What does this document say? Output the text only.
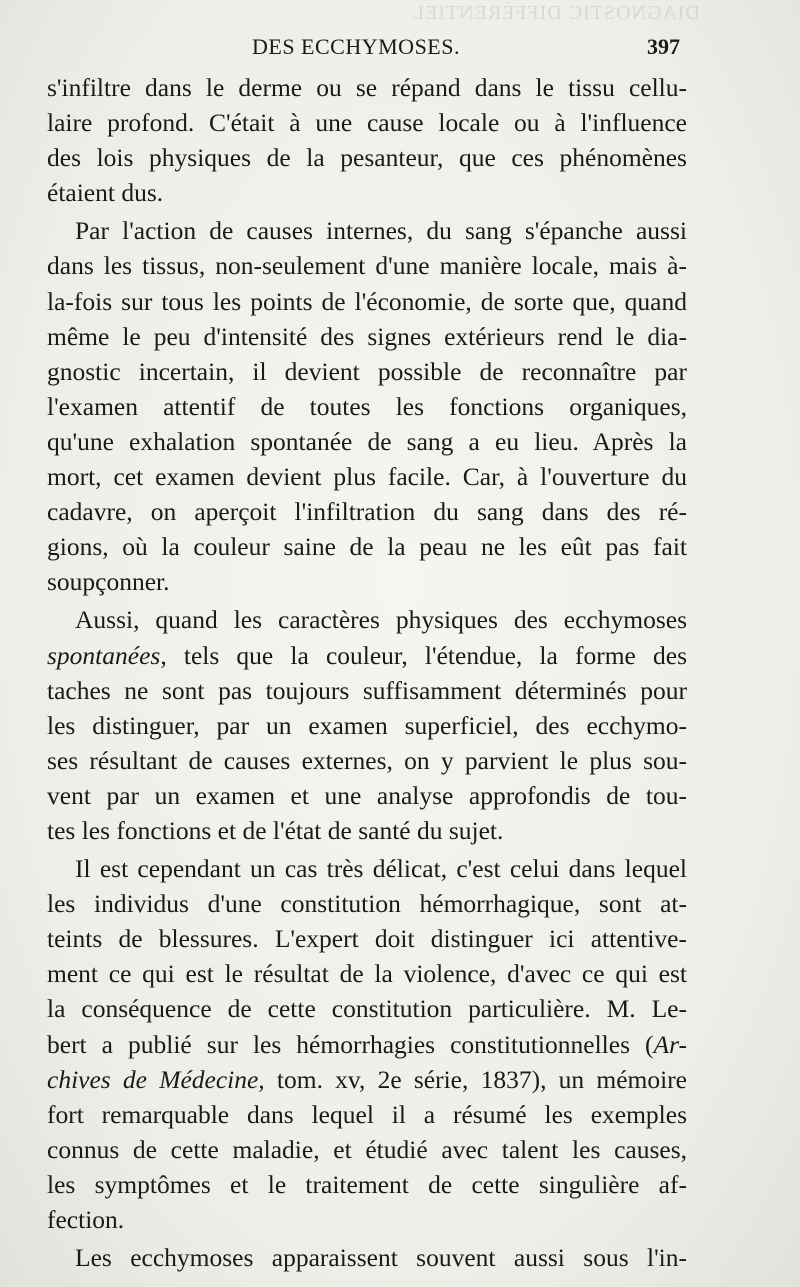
DIAGNOSTIC DIFFÉRENTIEL
DES ECCHYMOSES.	397
s'infiltre dans le derme ou se répand dans le tissu cellu-
laire profond. C'était à une cause locale ou à l'influence
des lois physiques de la pesanteur, que ces phénomènes
étaient dus.
Par l'action de causes internes, du sang s'épanche aussi
dans les tissus, non-seulement d'une manière locale, mais à-
la-fois sur tous les points de l'économie, de sorte que, quand
même le peu d'intensité des signes extérieurs rend le dia-
gnostic incertain, il devient possible de reconnaître par
l'examen attentif de toutes les fonctions organiques,
qu'une exhalation spontanée de sang a eu lieu. Après la
mort, cet examen devient plus facile. Car, à l'ouverture du
cadavre, on aperçoit l'infiltration du sang dans des ré-
gions, où la couleur saine de la peau ne les eût pas fait
soupçonner.
Aussi, quand les caractères physiques des ecchymoses
spontanées, tels que la couleur, l'étendue, la forme des
taches ne sont pas toujours suffisamment déterminés pour
les distinguer, par un examen superficiel, des ecchymo-
ses résultant de causes externes, on y parvient le plus sou-
vent par un examen et une analyse approfondis de tou-
tes les fonctions et de l'état de santé du sujet.
Il est cependant un cas très délicat, c'est celui dans lequel
les individus d'une constitution hémorrhagique, sont at-
teints de blessures. L'expert doit distinguer ici attentive-
ment ce qui est le résultat de la violence, d'avec ce qui est
la conséquence de cette constitution particulière. M. Le-
bert a publié sur les hémorrhagies constitutionnelles (Ar-
chives de Médecine, tom. xv, 2e série, 1837), un mémoire
fort remarquable dans lequel il a résumé les exemples
connus de cette maladie, et étudié avec talent les causes,
les symptômes et le traitement de cette singulière af-
fection.
Les ecchymoses apparaissent souvent aussi sous l'in-
